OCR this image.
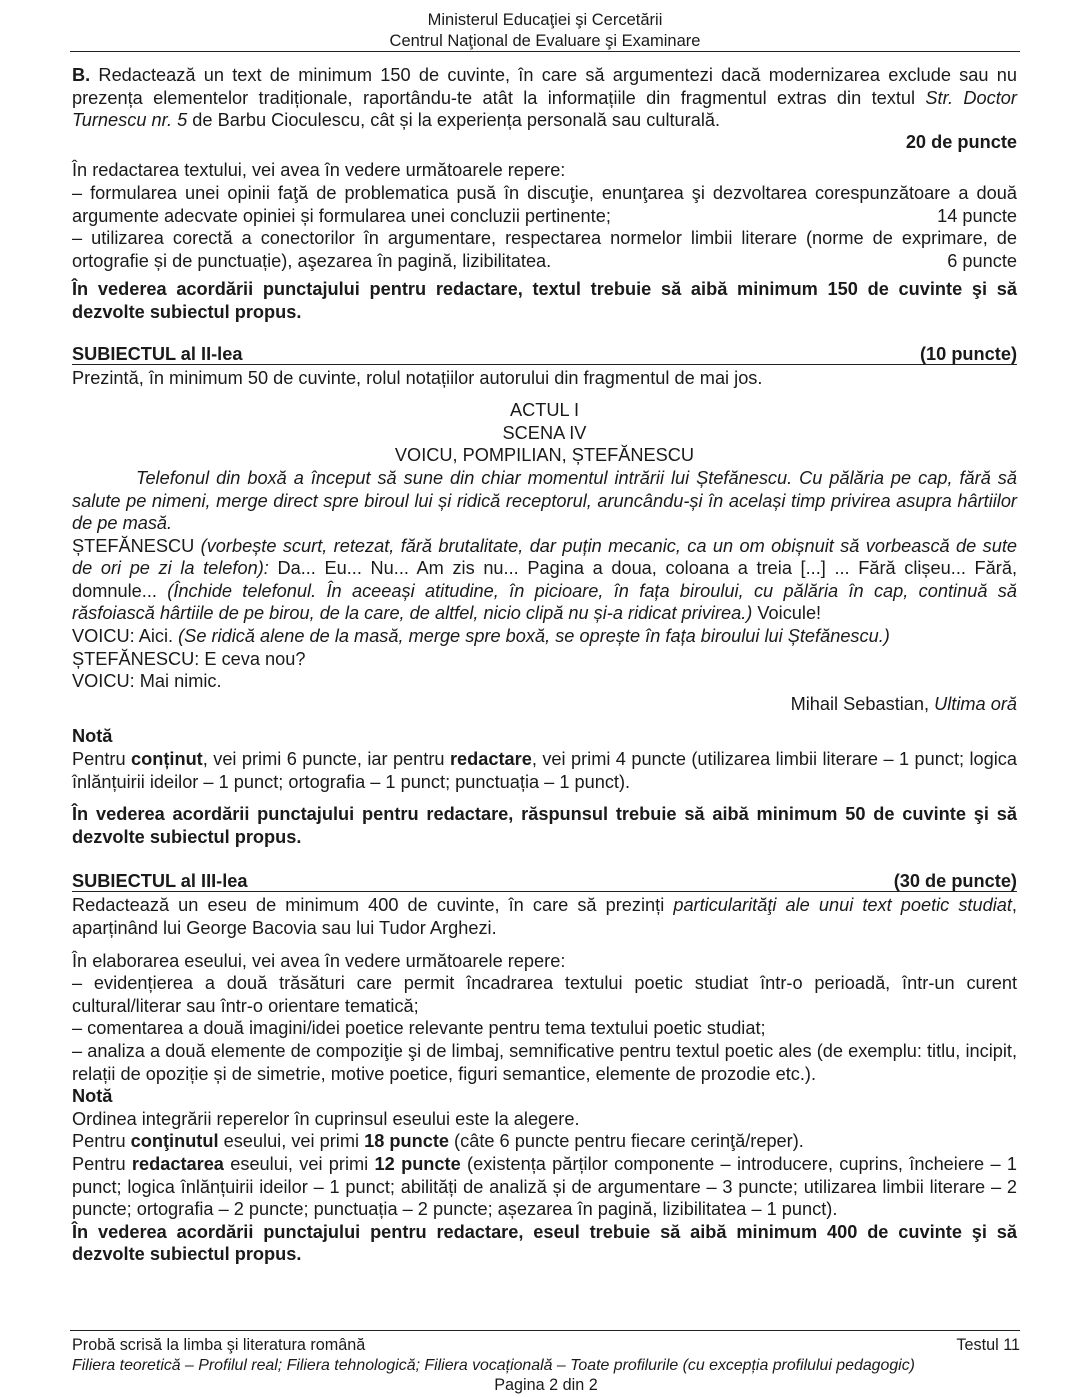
Ministerul Educaţiei şi Cercetării
Centrul Naţional de Evaluare şi Examinare

B. Redactează un text de minimum 150 de cuvinte, în care să argumentezi dacă modernizarea exclude sau nu prezența elementelor tradiționale, raportându-te atât la informațiile din fragmentul extras din textul Str. Doctor Turnescu nr. 5 de Barbu Cioculescu, cât și la experiența personală sau culturală.

20 de puncte

În redactarea textului, vei avea în vedere următoarele repere:

– formularea unei opinii faţă de problematica pusă în discuţie, enunţarea şi dezvoltarea corespunzătoare a două argumente adecvate opiniei și formularea unei concluzii pertinente;	14 puncte

– utilizarea corectă a conectorilor în argumentare, respectarea normelor limbii literare (norme de exprimare, de ortografie și de punctuație), aşezarea în pagină, lizibilitatea.	6 puncte

În vederea acordării punctajului pentru redactare, textul trebuie să aibă minimum 150 de cuvinte şi să dezvolte subiectul propus.

SUBIECTUL al II-lea	(10 puncte)

Prezintă, în minimum 50 de cuvinte, rolul notațiilor autorului din fragmentul de mai jos.

ACTUL I

SCENA IV

VOICU, POMPILIAN, ȘTEFĂNESCU

Telefonul din boxă a început să sune din chiar momentul intrării lui Ștefănescu. Cu pălăria pe cap, fără să salute pe nimeni, merge direct spre biroul lui și ridică receptorul, aruncându-și în același timp privirea asupra hârtiilor de pe masă.

ȘTEFĂNESCU (vorbește scurt, retezat, fără brutalitate, dar puțin mecanic, ca un om obișnuit să vorbească de sute de ori pe zi la telefon): Da... Eu... Nu... Am zis nu... Pagina a doua, coloana a treia [...] ... Fără clișeu... Fără, domnule... (Închide telefonul. În aceeași atitudine, în picioare, în fața biroului, cu pălăria în cap, continuă să răsfoiască hârtiile de pe birou, de la care, de altfel, nicio clipă nu și-a ridicat privirea.) Voicule!

VOICU: Aici. (Se ridică alene de la masă, merge spre boxă, se oprește în fața biroului lui Ștefănescu.)

ȘTEFĂNESCU: E ceva nou?

VOICU: Mai nimic.

Mihail Sebastian, Ultima oră

Notă

Pentru conținut, vei primi 6 puncte, iar pentru redactare, vei primi 4 puncte (utilizarea limbii literare – 1 punct; logica înlănțuirii ideilor – 1 punct; ortografia – 1 punct; punctuația – 1 punct).

În vederea acordării punctajului pentru redactare, răspunsul trebuie să aibă minimum 50 de cuvinte şi să dezvolte subiectul propus.

SUBIECTUL al III-lea	(30 de puncte)

Redactează un eseu de minimum 400 de cuvinte, în care să prezinți particularităţi ale unui text poetic studiat, aparținând lui George Bacovia sau lui Tudor Arghezi.

În elaborarea eseului, vei avea în vedere următoarele repere:

– evidențierea a două trăsături care permit încadrarea textului poetic studiat într-o perioadă, într-un curent cultural/literar sau într-o orientare tematică;

– comentarea a două imagini/idei poetice relevante pentru tema textului poetic studiat;

– analiza a două elemente de compoziţie şi de limbaj, semnificative pentru textul poetic ales (de exemplu: titlu, incipit, relații de opoziție și de simetrie, motive poetice, figuri semantice, elemente de prozodie etc.).

Notă

Ordinea integrării reperelor în cuprinsul eseului este la alegere.

Pentru conţinutul eseului, vei primi 18 puncte (câte 6 puncte pentru fiecare cerinţă/reper).

Pentru redactarea eseului, vei primi 12 puncte (existența părților componente – introducere, cuprins, încheiere – 1 punct; logica înlănțuirii ideilor – 1 punct; abilități de analiză și de argumentare – 3 puncte; utilizarea limbii literare – 2 puncte; ortografia – 2 puncte; punctuația – 2 puncte; așezarea în pagină, lizibilitatea – 1 punct).

În vederea acordării punctajului pentru redactare, eseul trebuie să aibă minimum 400 de cuvinte şi să dezvolte subiectul propus.

Probă scrisă la limba şi literatura română	Testul 11
Filiera teoretică – Profilul real; Filiera tehnologică; Filiera vocațională – Toate profilurile (cu excepția profilului pedagogic)
Pagina 2 din 2
